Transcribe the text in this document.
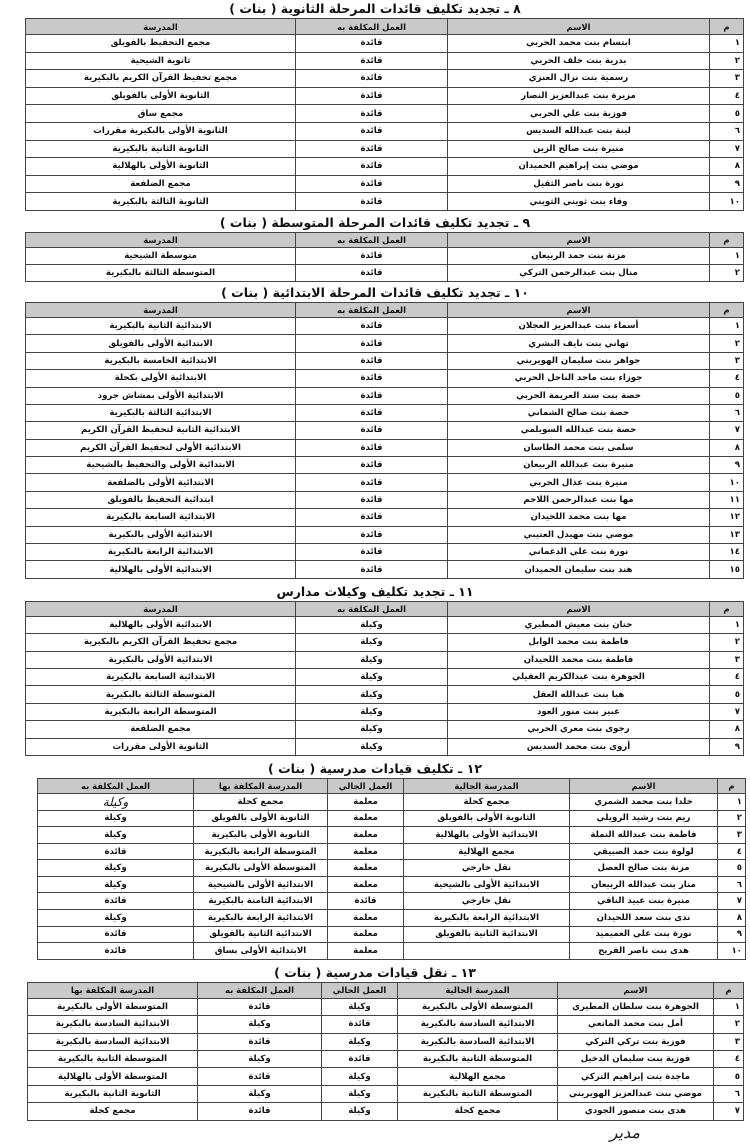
٨ ـ تجديد تكليف قائدات المرحلة الثانوية ( بنات )
م	الاسم	العمل المكلفة به	المدرسة
١	ابتسام بنت محمد الحربي	قائدة	مجمع التحفيظ بالفويلق
٢	بدرية بنت خلف الحربي	قائدة	ثانوية الشيحية
٣	رسمية بنت نزال العنزي	قائدة	مجمع تحفيظ القرآن الكريم بالبكيرية
٤	مزيرة بنت عبدالعزيز النصار	قائدة	الثانوية الأولى بالفويلق
٥	فوزية بنت علي الحربي	قائدة	مجمع ساق
٦	لينة بنت عبدالله السديس	قائدة	الثانوية الأولى بالبكيرية مقررات
٧	منيرة بنت صالح الزين	قائدة	الثانوية الثانية بالبكيرية
٨	موضي بنت إبراهيم الحميدان	قائدة	الثانوية الأولى بالهلالية
٩	نورة بنت ناصر الثقيل	قائدة	مجمع الضلفعة
١٠	وفاء بنت ثويني الثويني	قائدة	الثانوية الثالثة بالبكيرية
٩ ـ تجديد تكليف قائدات المرحلة المتوسطة ( بنات )
م	الاسم	العمل المكلفة به	المدرسة
١	مزنة بنت حمد الربيعان	قائدة	متوسطة الشيحية
٢	منال بنت عبدالرحمن التركي	قائدة	المتوسطة الثالثة بالبكيرية
١٠ ـ تجديد تكليف قائدات المرحلة الابتدائية ( بنات )
م	الاسم	العمل المكلفة به	المدرسة
١	أسماء بنت عبدالعزيز العجلان	قائدة	الابتدائية الثانية بالبكيرية
٢	تهاني بنت نايف البشري	قائدة	الابتدائية الأولى بالفويلق
٣	جواهر بنت سليمان الهويريني	قائدة	الابتدائية الخامسة بالبكيرية
٤	جوزاء بنت ماجد الناحل الحربي	قائدة	الابتدائية الأولى بكحلة
٥	حصة بنت سند العريمة الحربي	قائدة	الابتدائية الأولى بمشاش جرود
٦	حصة بنت صالح الشماني	قائدة	الابتدائية الثالثة بالبكيرية
٧	حصة بنت عبدالله السويلمي	قائدة	الابتدائية الثانية لتحفيظ القرآن الكريم
٨	سلمى بنت محمد الطاسان	قائدة	الابتدائية الأولى لتحفيظ القرآن الكريم
٩	منيرة بنت عبدالله الربيعان	قائدة	الابتدائية الأولى والتحفيظ بالشيحية
١٠	منيرة بنت عذال الحربي	قائدة	الابتدائية الأولى بالضلفعة
١١	مها بنت عبدالرحمن اللاحم	قائدة	ابتدائية التحفيظ بالفويلق
١٢	مها بنت محمد اللحيدان	قائدة	الابتدائية السابعة بالبكيرية
١٣	موضي بنت مهيدل العتيبي	قائدة	الابتدائية الأولى بالبكيرية
١٤	نورة بنت علي الدغماني	قائدة	الابتدائية الرابعة بالبكيرية
١٥	هند بنت سليمان الحميدان	قائدة	الابتدائية الأولى بالهلالية
١١ ـ تجديد تكليف وكيلات مدارس
م	الاسم	العمل المكلفة به	المدرسة
١	حنان بنت معيش المطيري	وكيلة	الابتدائية الأولى بالهلالية
٢	فاطمة بنت محمد الوابل	وكيلة	مجمع تحفيظ القرآن الكريم بالبكيرية
٣	فاطمة بنت محمد اللحيدان	وكيلة	الابتدائية الأولى بالبكيرية
٤	الجوهرة بنت عبدالكريم العقيلي	وكيلة	الابتدائية السابعة بالبكيرية
٥	هيا بنت عبدالله العقل	وكيلة	المتوسطة الثالثة بالبكيرية
٧	عبير بنت منور العود	وكيلة	المتوسطة الرابعة بالبكيرية
٨	رجوى بنت معري الحربي	وكيلة	مجمع الضلفعة
٩	أروى بنت محمد السديس	وكيلة	الثانوية الأولى مقررات
١٢ ـ تكليف قيادات مدرسية ( بنات )
م	الاسم	المدرسة الحالية	العمل الحالي	المدرسة المكلفة بها	العمل المكلفة به
١	خلدا بنت محمد الشمري	مجمع كحلة	معلمة	مجمع كحلة	وكيلة
٢	ريم بنت رشيد الرويلي	الثانوية الأولى بالفويلق	معلمة	الثانوية الأولى بالفويلق	وكيلة
٣	فاطمة بنت عبدالله النملة	الابتدائية الأولى بالهلالية	معلمة	الثانوية الأولى بالبكيرية	وكيلة
٤	لولوة بنت حمد الصبيقي	مجمع الهلالية	معلمة	المتوسطة الرابعة بالبكيرية	قائدة
٥	مزنة بنت صالح العصل	نقل خارجي	معلمة	المتوسطة الأولى بالبكيرية	وكيلة
٦	منار بنت عبدالله الربيعان	الابتدائية الأولى بالشيحية	معلمة	الابتدائية الأولى بالشيحية	وكيلة
٧	منيرة بنت عبيد الناقي	نقل خارجي	قائدة	الابتدائية الثامنة بالبكيرية	قائدة
٨	ندى بنت سعد اللحيدان	الابتدائية الرابعة بالبكيرية	معلمة	الابتدائية الرابعة بالبكيرية	وكيلة
٩	نورة بنت علي العميميد	الابتدائية الثانية بالفويلق	معلمة	الابتدائية الثانية بالفويلق	قائدة
١٠	هدى بنت ناصر الفريح		معلمة	الابتدائية الأولى بساق	قائدة
١٣ ـ نقل قيادات مدرسية ( بنات )
م	الاسم	المدرسة الحالية	العمل الحالي	العمل المكلفة به	المدرسة المكلفة بها
١	الجوهرة بنت سلطان المطيري	المتوسطة الأولى بالبكيرية	وكيلة	قائدة	المتوسطة الأولى بالبكيرية
٢	أمل بنت محمد المانعي	الابتدائية السادسة بالبكيرية	قائدة	وكيلة	الابتدائية السادسة بالبكيرية
٣	فوزية بنت تركي التركي	الابتدائية السادسة بالبكيرية	وكيلة	قائدة	الابتدائية السادسة بالبكيرية
٤	فوزية بنت سليمان الدخيل	المتوسطة الثانية بالبكيرية	قائدة	وكيلة	المتوسطة الثانية بالبكيرية
٥	ماجدة بنت إبراهيم التركي	مجمع الهلالية	وكيلة	قائدة	المتوسطة الأولى بالهلالية
٦	موضي بنت عبدالعزيز الهويريني	المتوسطة الثانية بالبكيرية	وكيلة	وكيلة	الثانوية الثانية بالبكيرية
٧	هدى بنت منصور الجودي	مجمع كحلة	وكيلة	قائدة	مجمع كحلة
مدير
